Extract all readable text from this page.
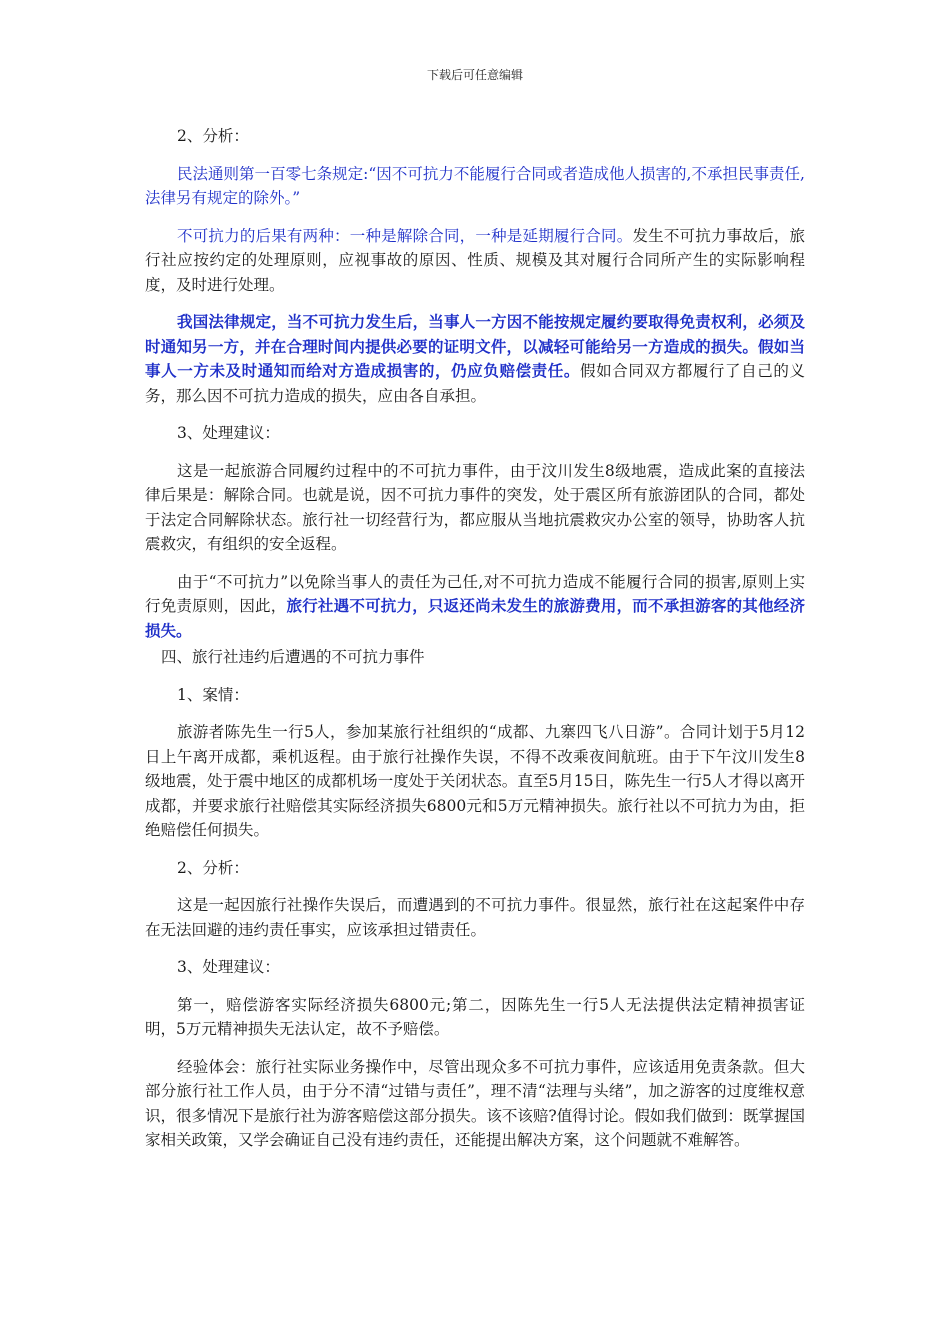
下载后可任意编辑

2、分析：

民法通则第一百零七条规定:“因不可抗力不能履行合同或者造成他人损害的,不承担民事责任,法律另有规定的除外。”

不可抗力的后果有两种：一种是解除合同，一种是延期履行合同。发生不可抗力事故后，旅行社应按约定的处理原则，应视事故的原因、性质、规模及其对履行合同所产生的实际影响程度，及时进行处理。

我国法律规定，当不可抗力发生后，当事人一方因不能按规定履约要取得免责权利，必须及时通知另一方，并在合理时间内提供必要的证明文件，以减轻可能给另一方造成的损失。假如当事人一方未及时通知而给对方造成损害的，仍应负赔偿责任。假如合同双方都履行了自己的义务，那么因不可抗力造成的损失，应由各自承担。

3、处理建议：

这是一起旅游合同履约过程中的不可抗力事件，由于汶川发生8级地震，造成此案的直接法律后果是：解除合同。也就是说，因不可抗力事件的突发，处于震区所有旅游团队的合同，都处于法定合同解除状态。旅行社一切经营行为，都应服从当地抗震救灾办公室的领导，协助客人抗震救灾，有组织的安全返程。

由于“不可抗力”以免除当事人的责任为己任,对不可抗力造成不能履行合同的损害,原则上实行免责原则，因此，旅行社遇不可抗力，只返还尚未发生的旅游费用，而不承担游客的其他经济损失。

四、旅行社违约后遭遇的不可抗力事件

1、案情：

旅游者陈先生一行5人，参加某旅行社组织的“成都、九寨四飞八日游”。合同计划于5月12日上午离开成都，乘机返程。由于旅行社操作失误，不得不改乘夜间航班。由于下午汶川发生8级地震，处于震中地区的成都机场一度处于关闭状态。直至5月15日，陈先生一行5人才得以离开成都，并要求旅行社赔偿其实际经济损失6800元和5万元精神损失。旅行社以不可抗力为由，拒绝赔偿任何损失。

2、分析：

这是一起因旅行社操作失误后，而遭遇到的不可抗力事件。很显然，旅行社在这起案件中存在无法回避的违约责任事实，应该承担过错责任。

3、处理建议：

第一，赔偿游客实际经济损失6800元;第二，因陈先生一行5人无法提供法定精神损害证明，5万元精神损失无法认定，故不予赔偿。

经验体会：旅行社实际业务操作中，尽管出现众多不可抗力事件，应该适用免责条款。但大部分旅行社工作人员，由于分不清“过错与责任”，理不清“法理与头绪”，加之游客的过度维权意识，很多情况下是旅行社为游客赔偿这部分损失。该不该赔?值得讨论。假如我们做到：既掌握国家相关政策，又学会确证自己没有违约责任，还能提出解决方案，这个问题就不难解答。
